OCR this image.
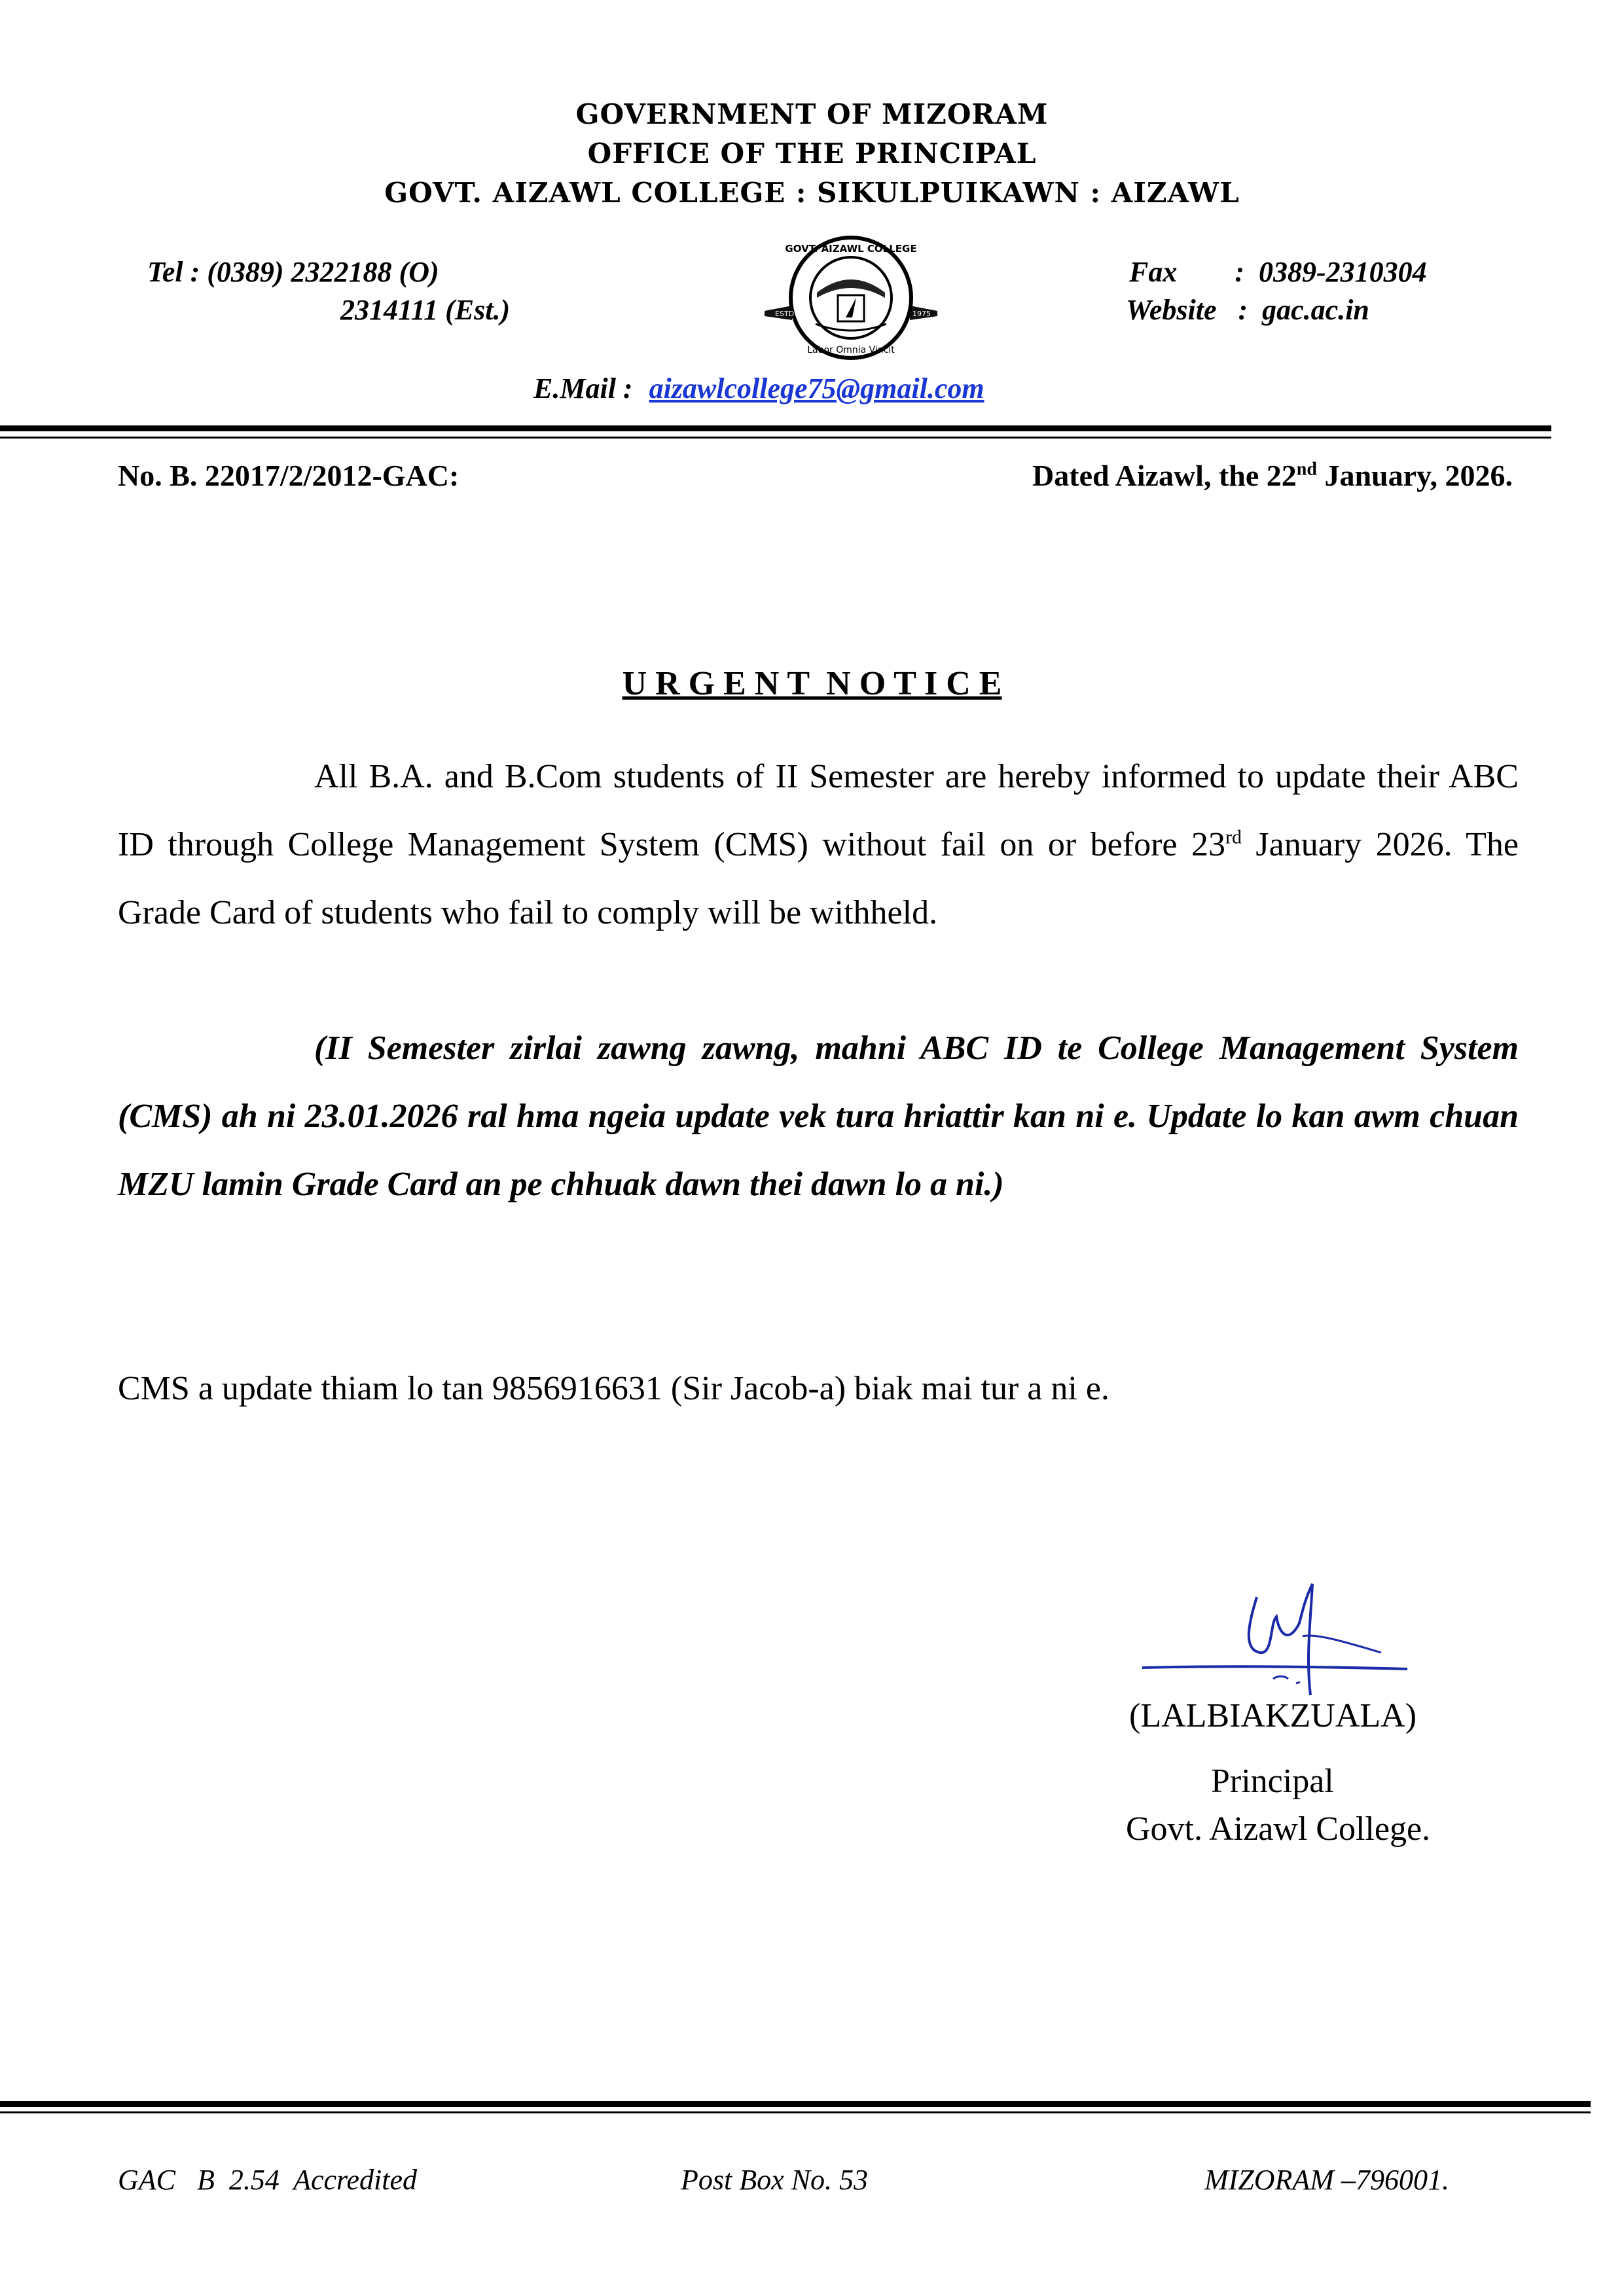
GOVERNMENT OF MIZORAM
OFFICE OF THE PRINCIPAL
GOVT. AIZAWL COLLEGE : SIKULPUIKAWN : AIZAWL
Tel : (0389) 2322188 (O)
2314111 (Est.)
Fax        :  0389-2310304
Website   :  gac.ac.in
ESTD	1975
GOVT. AIZAWL COLLEGE
Labor Omnia Vincit
E.Mail : aizawlcollege75@gmail.com
No. B. 22017/2/2012-GAC:	Dated Aizawl, the 22nd January, 2026.
U R G E N T  N O T I C E
All B.A. and B.Com students of II Semester are hereby informed to update their ABC ID through College Management System (CMS) without fail on or before 23rd January 2026. The Grade Card of students who fail to comply will be withheld.
(II Semester zirlai zawng zawng, mahni ABC ID te College Management System (CMS) ah ni 23.01.2026 ral hma ngeia update vek tura hriattir kan ni e. Update lo kan awm chuan MZU lamin Grade Card an pe chhuak dawn thei dawn lo a ni.)
CMS a update thiam lo tan 9856916631 (Sir Jacob-a) biak mai tur a ni e.
(LALBIAKZUALA)
Principal
Govt. Aizawl College.
GAC   B  2.54  Accredited	Post Box No. 53	MIZORAM –796001.
